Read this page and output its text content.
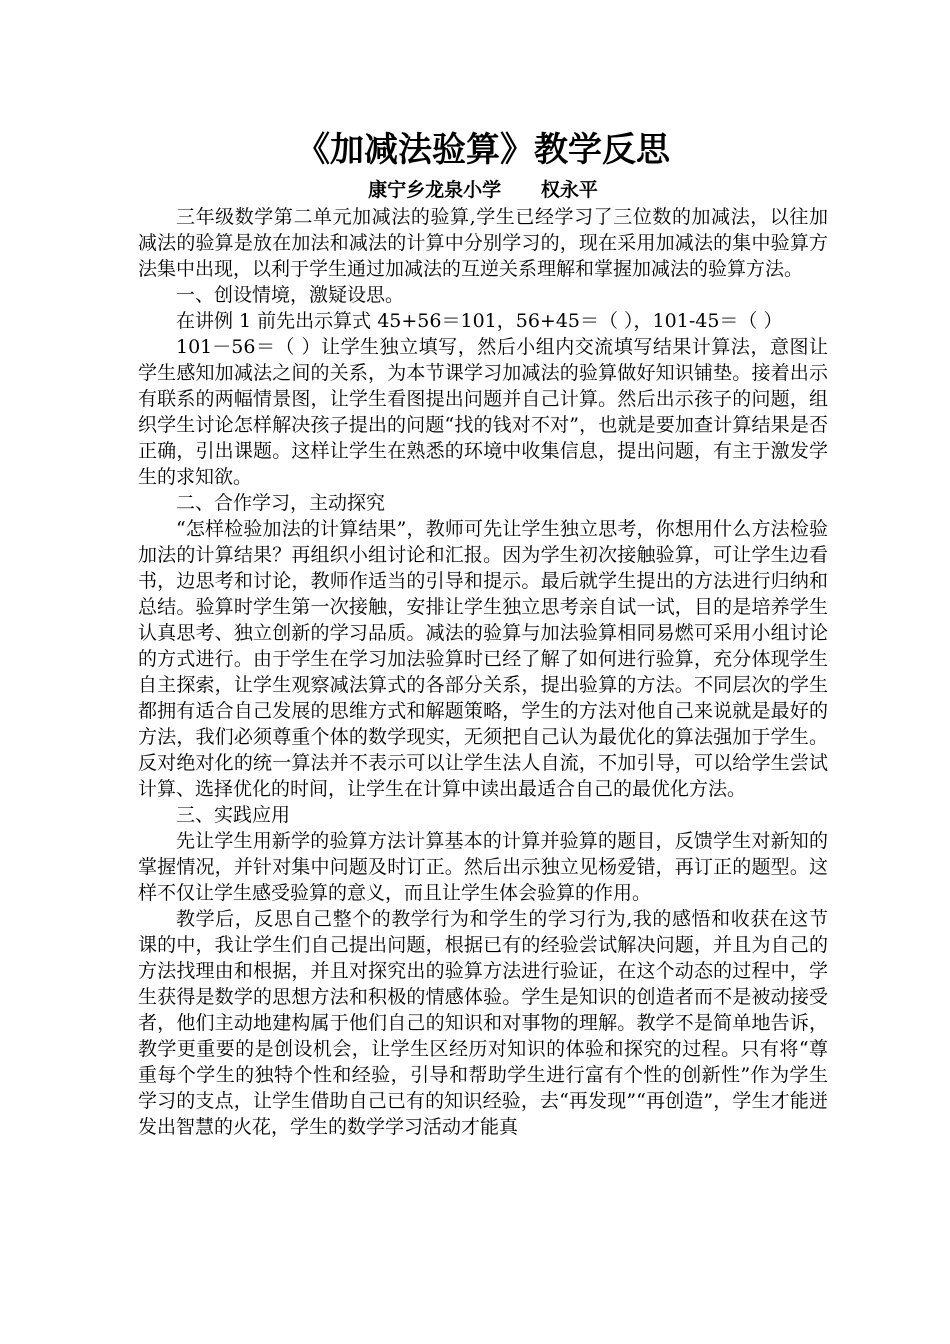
《加减法验算》教学反思

康宁乡龙泉小学      权永平

三年级数学第二单元加减法的验算,学生已经学习了三位数的加减法，以往加减法的验算是放在加法和减法的计算中分别学习的，现在采用加减法的集中验算方法集中出现，以利于学生通过加减法的互逆关系理解和掌握加减法的验算方法。

一、创设情境，激疑设思。

在讲例 1 前先出示算式 45+56＝101，56+45＝（ ），101-45＝（ ）

101－56＝（ ）让学生独立填写，然后小组内交流填写结果计算法，意图让学生感知加减法之间的关系，为本节课学习加减法的验算做好知识铺垫。接着出示有联系的两幅情景图，让学生看图提出问题并自己计算。然后出示孩子的问题，组织学生讨论怎样解决孩子提出的问题“找的钱对不对”，也就是要加查计算结果是否正确，引出课题。这样让学生在熟悉的环境中收集信息，提出问题，有主于激发学生的求知欲。

二、合作学习，主动探究

“怎样检验加法的计算结果”，教师可先让学生独立思考，你想用什么方法检验加法的计算结果？再组织小组讨论和汇报。因为学生初次接触验算，可让学生边看书，边思考和讨论，教师作适当的引导和提示。最后就学生提出的方法进行归纳和总结。验算时学生第一次接触，安排让学生独立思考亲自试一试，目的是培养学生认真思考、独立创新的学习品质。减法的验算与加法验算相同易燃可采用小组讨论的方式进行。由于学生在学习加法验算时已经了解了如何进行验算，充分体现学生自主探索，让学生观察减法算式的各部分关系，提出验算的方法。不同层次的学生都拥有适合自己发展的思维方式和解题策略，学生的方法对他自己来说就是最好的方法，我们必须尊重个体的数学现实，无须把自己认为最优化的算法强加于学生。反对绝对化的统一算法并不表示可以让学生法人自流，不加引导，可以给学生尝试计算、选择优化的时间，让学生在计算中读出最适合自己的最优化方法。

三、实践应用

先让学生用新学的验算方法计算基本的计算并验算的题目，反馈学生对新知的掌握情况，并针对集中问题及时订正。然后出示独立见杨爱错，再订正的题型。这样不仅让学生感受验算的意义，而且让学生体会验算的作用。

教学后，反思自己整个的教学行为和学生的学习行为,我的感悟和收获在这节课的中，我让学生们自己提出问题，根据已有的经验尝试解决问题，并且为自己的方法找理由和根据，并且对探究出的验算方法进行验证，在这个动态的过程中，学生获得是数学的思想方法和积极的情感体验。学生是知识的创造者而不是被动接受者，他们主动地建构属于他们自己的知识和对事物的理解。教学不是简单地告诉，教学更重要的是创设机会，让学生区经历对知识的体验和探究的过程。只有将“尊重每个学生的独特个性和经验，引导和帮助学生进行富有个性的创新性”作为学生学习的支点，让学生借助自己已有的知识经验，去“再发现”“再创造”，学生才能迸发出智慧的火花，学生的数学学习活动才能真
